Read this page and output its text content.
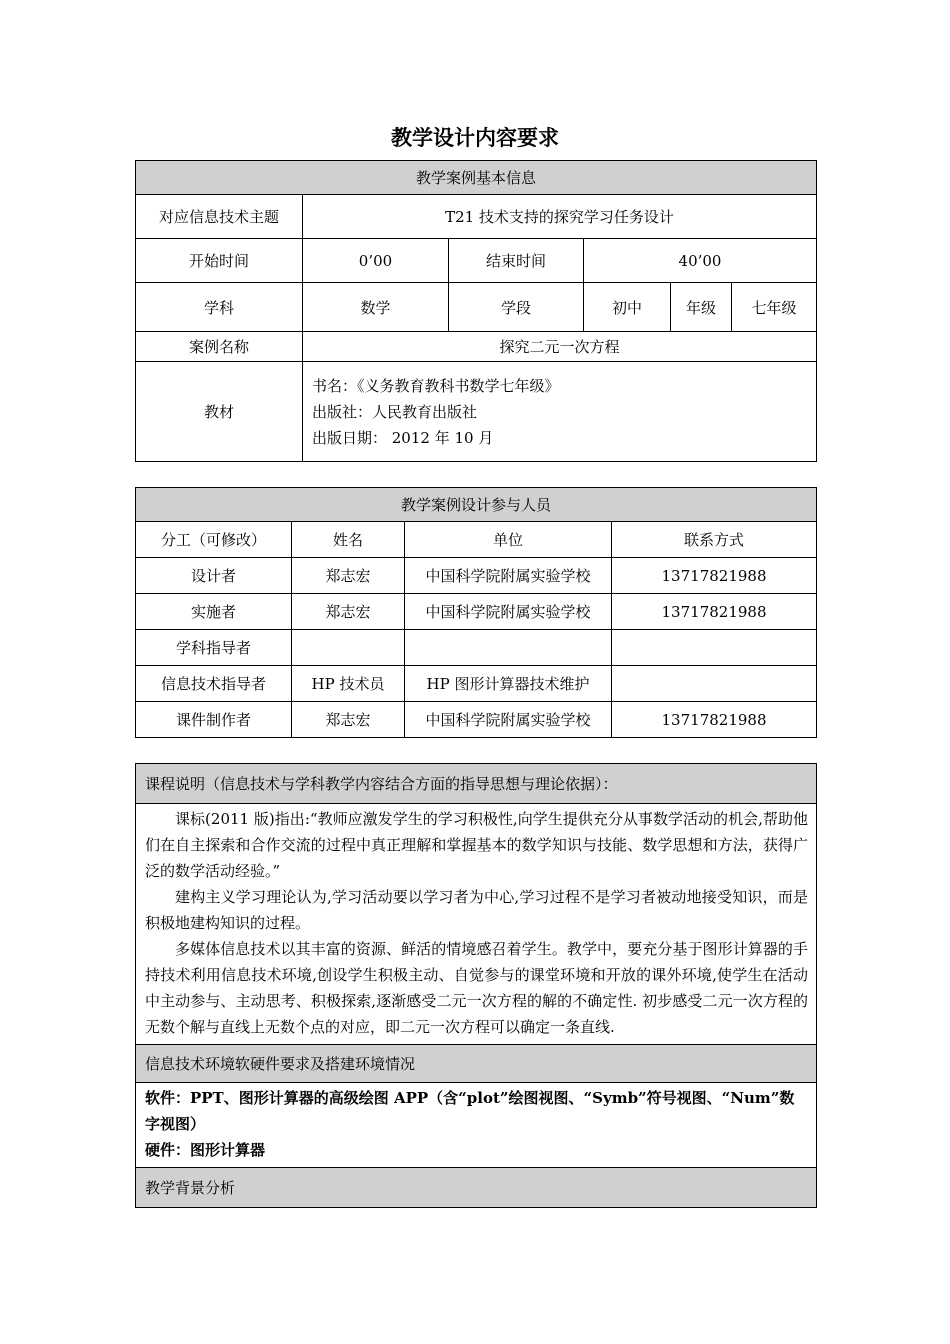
教学设计内容要求
教学案例基本信息					
对应信息技术主题	T21 技术支持的探究学习任务设计				
开始时间	0’00	结束时间	40’00		
学科	数学	学段	初中	年级	七年级
案例名称	探究二元一次方程				
教材	书名：《义务教育教科书数学七年级》
出版社：人民教育出版社
出版日期： 2012 年 10 月				
教学案例设计参与人员			
分工（可修改）	姓名	单位	联系方式
设计者	郑志宏	中国科学院附属实验学校	13717821988
实施者	郑志宏	中国科学院附属实验学校	13717821988
学科指导者			
信息技术指导者	HP 技术员	HP 图形计算器技术维护	
课件制作者	郑志宏	中国科学院附属实验学校	13717821988
课程说明（信息技术与学科教学内容结合方面的指导思想与理论依据）：

课标(2011 版)指出:“教师应激发学生的学习积极性,向学生提供充分从事数学活动的机会,帮助他们在自主探索和合作交流的过程中真正理解和掌握基本的数学知识与技能、数学思想和方法，获得广泛的数学活动经验。”

建构主义学习理论认为,学习活动要以学习者为中心,学习过程不是学习者被动地接受知识，而是积极地建构知识的过程。

多媒体信息技术以其丰富的资源、鲜活的情境感召着学生。教学中，要充分基于图形计算器的手持技术利用信息技术环境,创设学生积极主动、自觉参与的课堂环境和开放的课外环境,使学生在活动中主动参与、主动思考、积极探索,逐渐感受二元一次方程的解的不确定性. 初步感受二元一次方程的无数个解与直线上无数个点的对应，即二元一次方程可以确定一条直线.

信息技术环境软硬件要求及搭建环境情况

软件：PPT、图形计算器的高级绘图 APP（含“plot”绘图视图、“Symb”符号视图、“Num”数字视图）
硬件：图形计算器

教学背景分析
